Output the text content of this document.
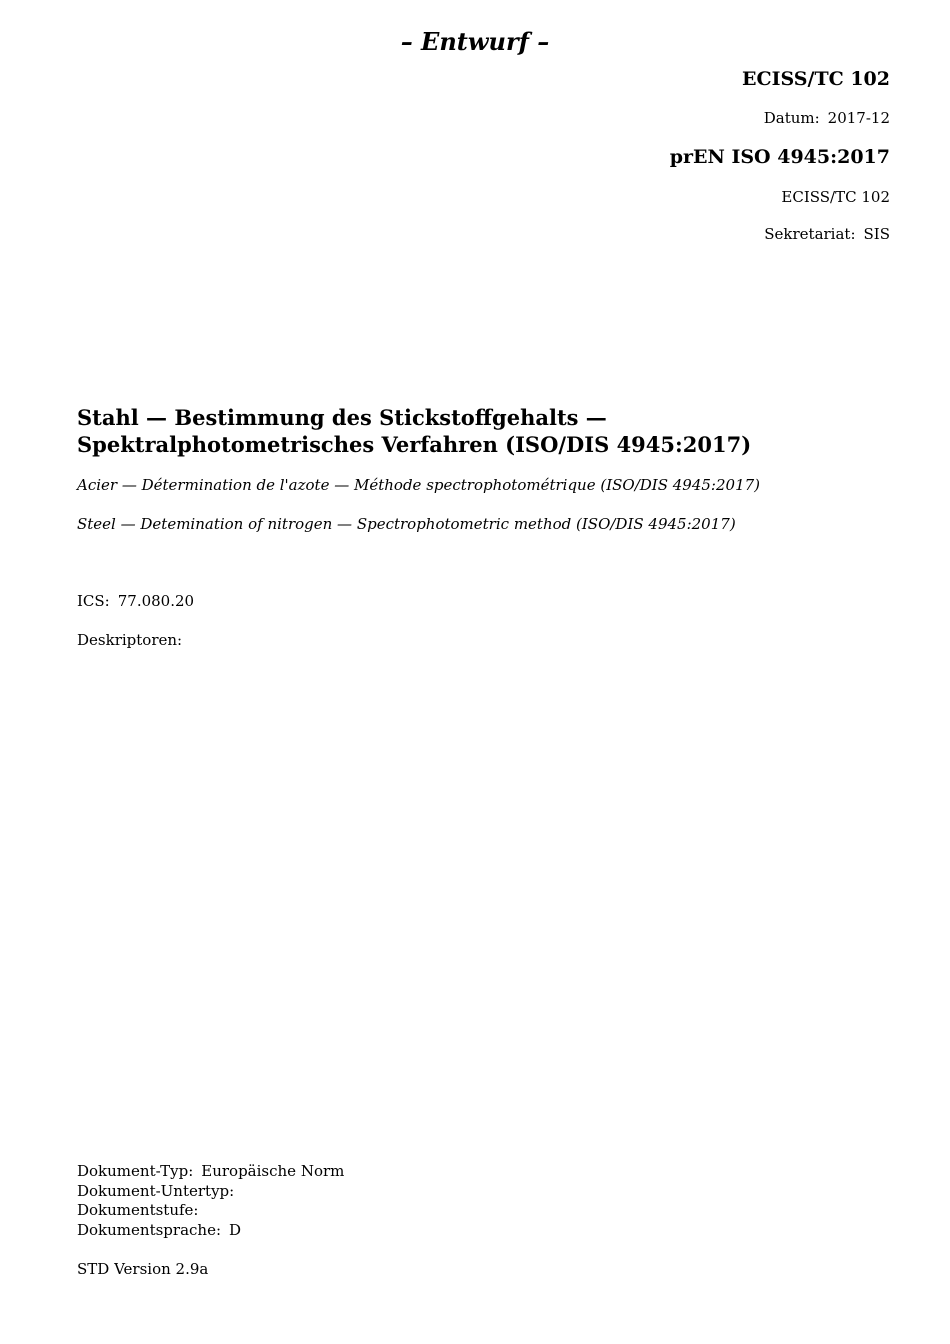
– Entwurf –
ECISS/TC 102
Datum: 2017-12
prEN ISO 4945:2017
ECISS/TC 102
Sekretariat: SIS
Stahl — Bestimmung des Stickstoffgehalts — Spektralphotometrisches Verfahren (ISO/DIS 4945:2017)
Acier — Détermination de l'azote — Méthode spectrophotométrique (ISO/DIS 4945:2017)
Steel — Detemination of nitrogen — Spectrophotometric method (ISO/DIS 4945:2017)
ICS: 77.080.20
Deskriptoren:
Dokument-Typ: Europäische Norm
Dokument-Untertyp:
Dokumentstufe:
Dokumentsprache: D
STD Version 2.9a
